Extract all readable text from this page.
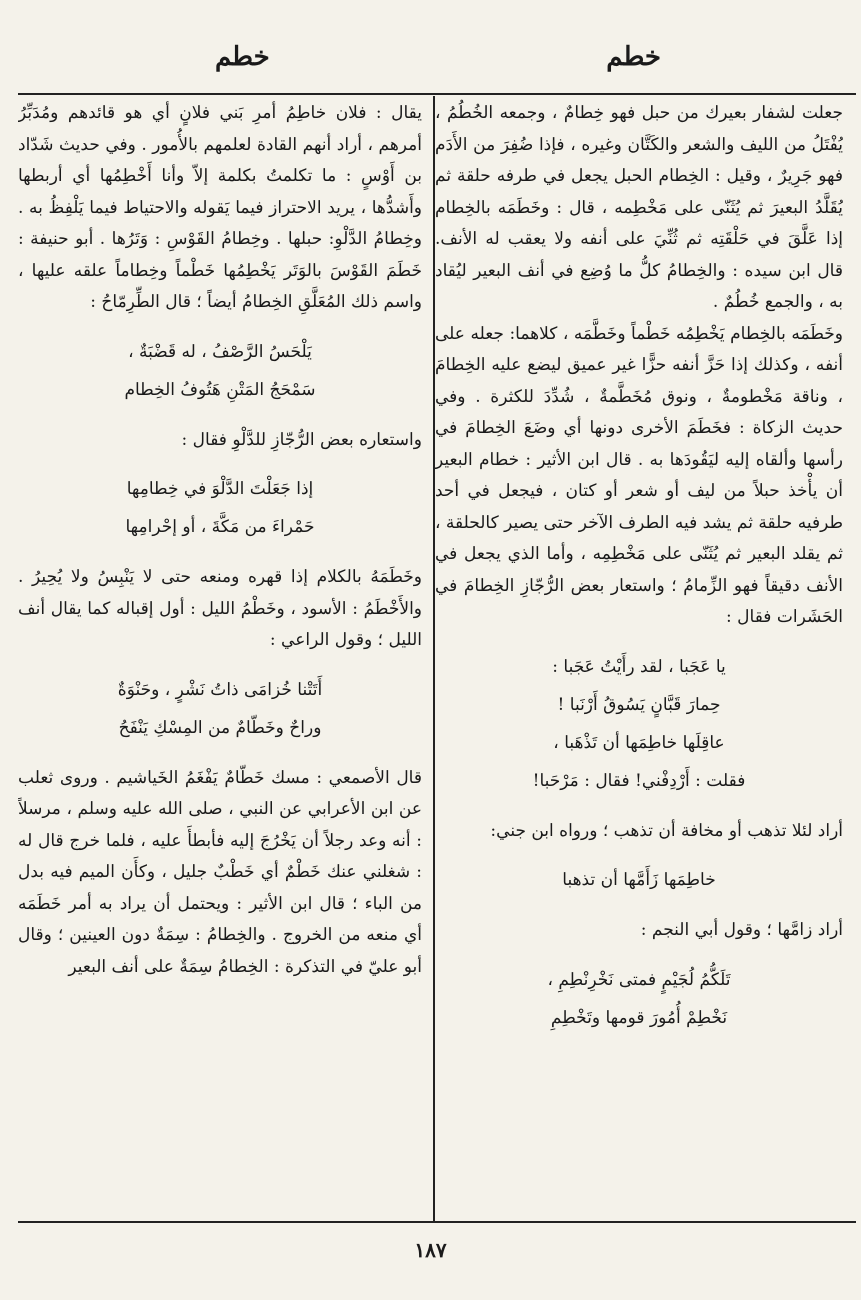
خطم
خطم

جعلت لشفار بعيرك من حبل فهو خِطامٌ ، وجمعه الخُطُمُ ، يُفْتَلُ من الليف والشعر والكَتَّان وغيره ، فإذا ضُفِرَ من الأَدَم فهو جَرِيرٌ ، وقيل : الخِطام الحبل يجعل في طرفه حلقة ثم يُقَلَّدُ البعيرَ ثم يُثَنّى على مَخْطِمه ، قال : وخَطَمَه بالخِطام إذا عَلَّقَ في حَلْقَتِه ثم ثُنِّيَ على أنفه ولا يعقب له الأنف. قال ابن سيده : والخِطامُ كلُّ ما وُضِع في أنف البعير ليُقاد به ، والجمع خُطُمٌ .

وخَطَمَه بالخِطام يَخْطِمُه خَطْماً وخَطَّمَه ، كلاهما: جعله على أنفه ، وكذلك إذا حَزَّ أنفه حزًّا غير عميق ليضع عليه الخِطامَ ، وناقة مَخْطومةٌ ، ونوق مُخَطَّمةٌ ، شُدِّدَ للكثرة . وفي حديث الزكاة : فخَطَمَ الأخرى دونها أي وضَعَ الخِطامَ في رأسها وألقاه إليه ليَقُودَها به . قال ابن الأثير : خطام البعير أن يأْخذ حبلاً من ليف أو شعر أو كتان ، فيجعل في أحد طرفيه حلقة ثم يشد فيه الطرف الآخر حتى يصير كالحلقة ، ثم يقلد البعير ثم يُثَنّى على مَخْطِمِه ، وأما الذي يجعل في الأنف دقيقاً فهو الزِّمامُ ؛ واستعار بعض الرُّجّازِ الخِطامَ في الحَشَرات فقال :

يا عَجَبا ، لقد رأَيْتُ عَجَبا :
حِمارَ قَبَّانٍ يَسُوقُ أَرْنَبا !
عاقِلَها خاطِمَها أن تَذْهَبا ،
فقلت : أَرْدِفْني! فقال : مَرْحَبا!

أراد لئلا تذهب أو مخافة أن تذهب ؛ ورواه ابن جني:

خاطِمَها زَأَمَّها أن تذهبا

أراد زامَّها ؛ وقول أبي النجم :

تَلَكُّمُ لُجَيْمٍ فمتى نَخْرِنْطِمِ ،
نَخْطِمْ أُمُورَ قومها وتَخْطِمِ

يقال : فلان خاطِمُ أمرِ بَني فلانٍ أي هو قائدهم ومُدَبِّرُ أمرهم ، أراد أنهم القادة لعلمهم بالأُمور . وفي حديث شَدّاد بن أَوْسٍ : ما تكلمتُ بكلمة إلاّ وأنا أَخْطِمُها أي أربطها وأَشدُّها ، يريد الاحتراز فيما يَقوله والاحتياط فيما يَلْفِظُ به . وخِطامُ الدَّلْوِ: حبلها . وخِطامُ القَوْسِ : وَتَرُها . أبو حنيفة : خَطَمَ القَوْسَ بالوَتَر يَخْطِمُها خَطْماً وخِطاماً علقه عليها ، واسم ذلك المُعَلَّقِ الخِطامُ أيضاً ؛ قال الطِّرِمّاحُ :

يَلْحَسُ الرَّصْفُ ، له قَضْبَةٌ ،
سَمْحَجُ المَتْنِ هَتُوفُ الخِطام

واستعاره بعض الرُّجّازِ للدَّلْوِ فقال :

إذا جَعَلْتَ الدَّلْوَ في خِطامِها
حَمْراءَ من مَكَّةَ ، أو إحْرامِها

وخَطَمَهُ بالكلام إذا قهره ومنعه حتى لا يَنْبِسُ ولا يُحِيرُ . والأَخْطَمُ : الأسود ، وخَطْمُ الليل : أول إقباله كما يقال أنف الليل ؛ وقول الراعي :

أَتَتْنا خُزامَى ذاتُ نَشْرٍ ، وحَنْوَةٌ
وراحٌ وخَطّامٌ من المِسْكِ يَنْفَحُ

قال الأصمعي : مسك خَطّامٌ يَفْغَمُ الخَياشيم . وروى ثعلب عن ابن الأعرابي عن النبي ، صلى الله عليه وسلم ، مرسلاً : أنه وعد رجلاً أن يَخْرُجَ إليه فأبطأَ عليه ، فلما خرج قال له : شغلني عنك خَطْمٌ أي خَطْبٌ جليل ، وكأَن الميم فيه بدل من الباء ؛ قال ابن الأثير : ويحتمل أن يراد به أمر خَطَمَه أي منعه من الخروج . والخِطامُ : سِمَةٌ دون العينين ؛ وقال أبو عليّ في التذكرة : الخِطامُ سِمَةٌ على أنف البعير

١٨٧
